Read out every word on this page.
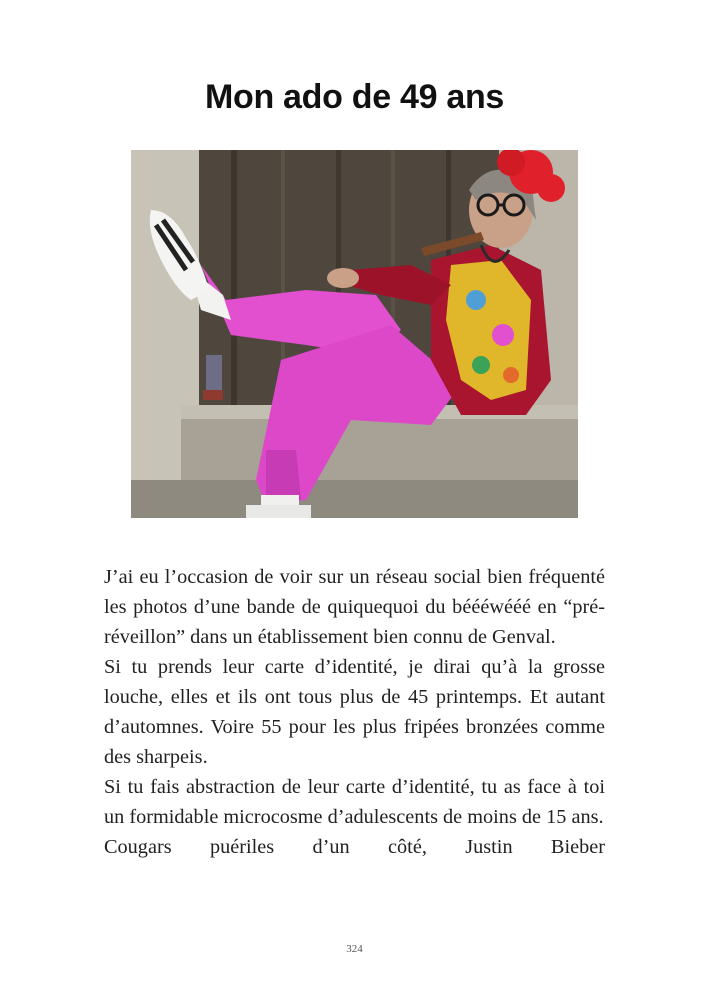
Mon ado de 49 ans

J’ai eu l’occasion de voir sur un réseau social bien fréquenté les photos d’une bande de quiquequoi du béééwééé en “pré-réveillon” dans un établissement bien connu de Genval.

Si tu prends leur carte d’identité, je dirai qu’à la grosse louche, elles et ils ont tous plus de 45 printemps. Et autant d’automnes. Voire 55 pour les plus fripées bronzées comme des sharpeis.

Si tu fais abstraction de leur carte d’identité, tu as face à toi un formidable microcosme d’adulescents de moins de 15 ans.

Cougars puériles d’un côté, Justin Bieber

324
